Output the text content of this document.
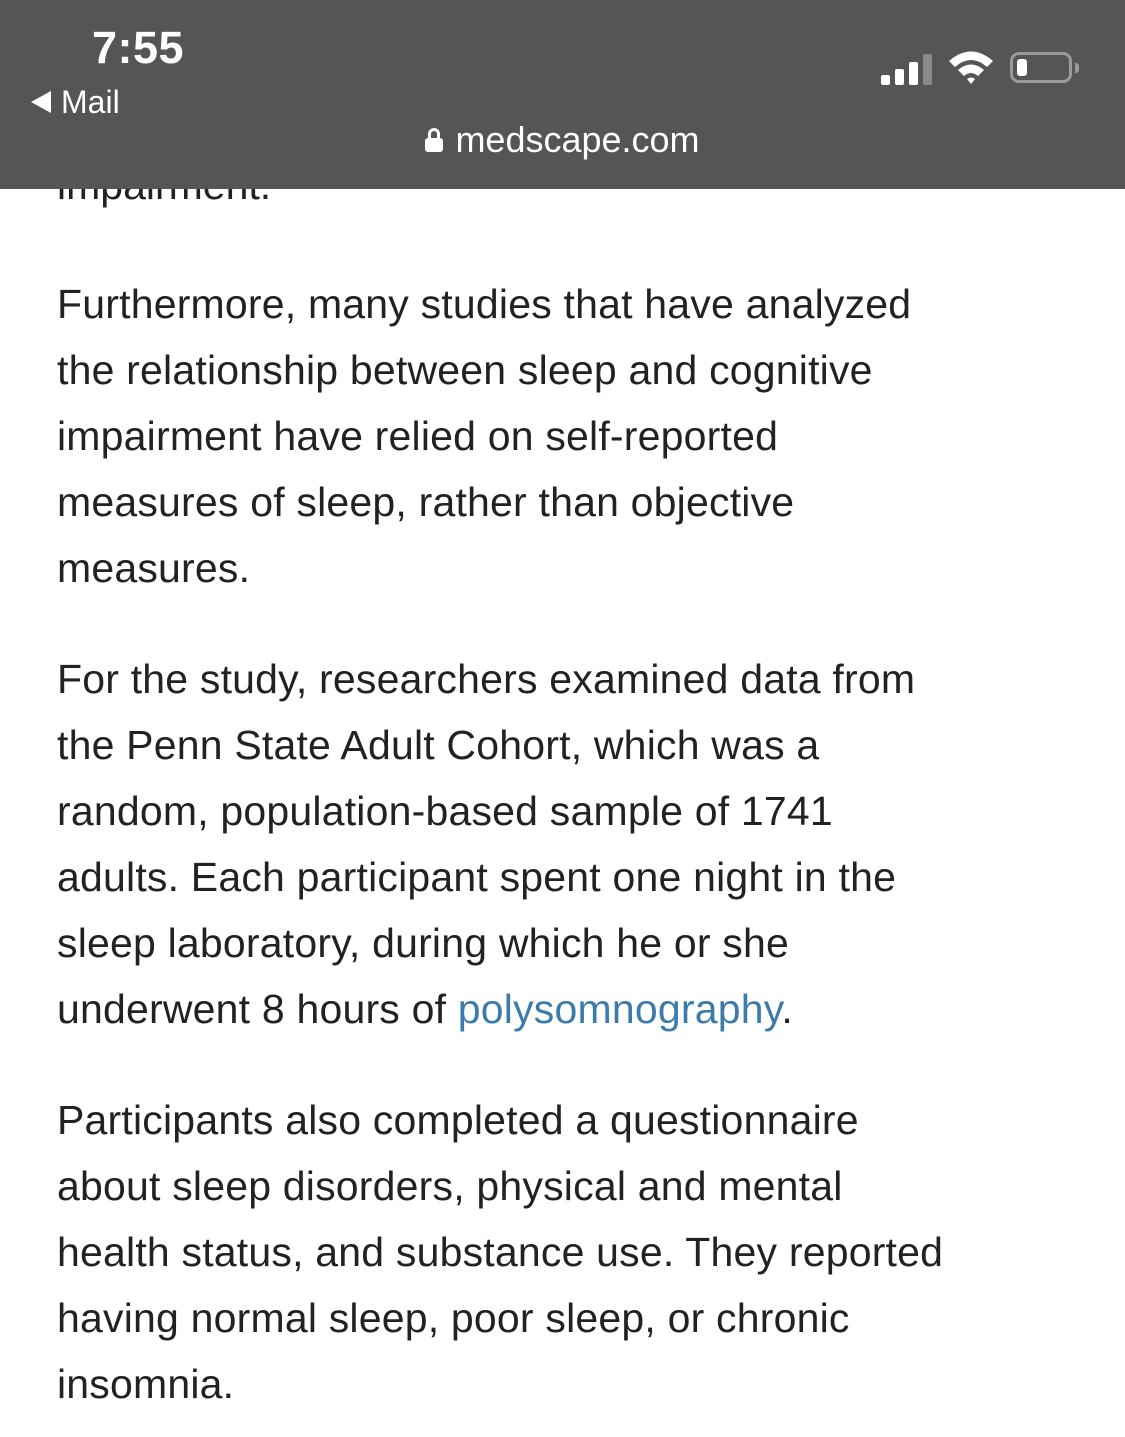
Furthermore, many studies that have analyzed
the relationship between sleep and cognitive
impairment have relied on self-reported
measures of sleep, rather than objective
measures.

For the study, researchers examined data from
the Penn State Adult Cohort, which was a
random, population-based sample of 1741
adults. Each participant spent one night in the
sleep laboratory, during which he or she
underwent 8 hours of polysomnography.

Participants also completed a questionnaire
about sleep disorders, physical and mental
health status, and substance use. They reported
having normal sleep, poor sleep, or chronic
insomnia.

7:55
Mail
medscape.com
